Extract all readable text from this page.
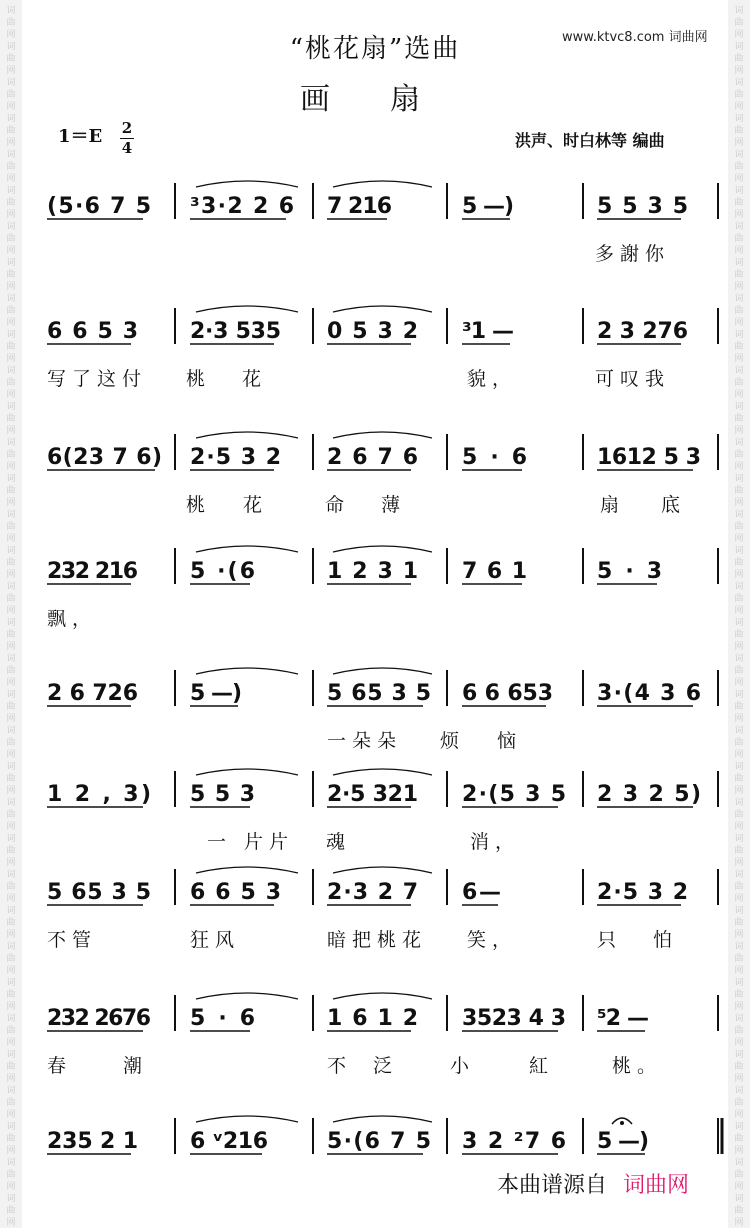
词
曲
网
词
曲
网
词
曲
网
词
曲
网
词
曲
网
词
曲
网
词
曲
网
词
曲
网
词
曲
网
词
曲
网
词
曲
网
词
曲
网
词
曲
网
词
曲
网
词
曲
网
词
曲
网
词
曲
网
词
曲
网
词
曲
网
词
曲
网
词
曲
网
词
曲
网
词
曲
网
词
曲
网
词
曲
网
词
曲
网
词
曲
网
词
曲
网
词
曲
网
词
曲
网
词
曲
网
词
曲
网
词
曲
网
词
曲
网
词
曲
网
词
曲
网
词
曲
网
词
曲
网
词
曲
网
词
曲
网
词
曲
网
词
曲
网
词
曲
网
词
曲
网
词
曲
网
词
曲
网
词
曲
网
词
曲
网
词
曲
网
词
曲
网
词
曲
网
词
曲
网
词
曲
网
词
曲
网
词
曲
网
词
曲
网
词
曲
网
词
曲
网
词
曲
网
词
曲
网
词
曲
网
词
曲
网
词
曲
网
词
曲
网
词
曲
网
词
曲
网
词
曲
网
词
曲
网
“桃花扇”选曲
画扇
www.ktvc8.com 词曲网
1＝E 2
4	洪声、时白林等 编曲
(5·6 7 5 ³3·2 2 6 7 216	5 —)	5 5 3 5
多謝你
6 6 5 3 2·3 535 0 5 3 2 ³1 —	2 3 276
写了这付 桃 花	貌，	可叹我
6(23 7 6) 2·5 3 2 2 6 7 6 5 · 6	1612 5 3
桃 花	命 薄	扇 底
232 216 5 ·(6	1 2 3 1 7 6 1	5 · 3
飘，
2 6 726 5 —)	5 65 3 5 6 6 653 3·(4 3 6
一朵朵 烦 恼
1 2 , 3) 5 5 3	2·5 321 2·(5 3 5 2 3 2 5)
一 片片 魂	消，
5 65 3 5 6 6 5 3 2·3 2 7 6 —	2·5 3 2
不管	狂风	暗把桃花 笑，	只 怕
232 2676 5 · 6	1 6 1 2 3523 4 3 ⁵2 —
春	潮	不 泛	小	紅	桃。
235 2 1 6 ᵛ216	5·(6 7 5 3 2 ²7 6 5 —)
本曲谱源自 词曲网
